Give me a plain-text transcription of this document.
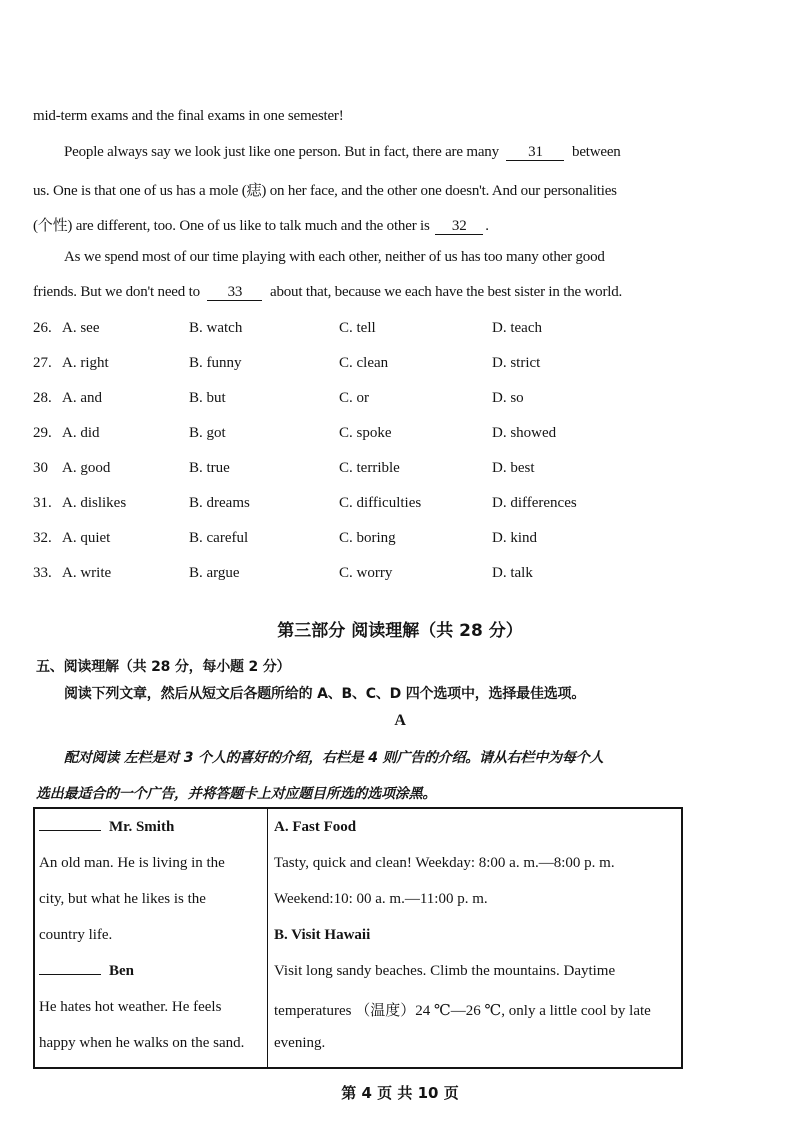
mid-term exams and the final exams in one semester!
People always say we look just like one person. But in fact, there are many 31 between
us. One is that one of us has a mole (痣) on her face, and the other one doesn't. And our personalities
(个性) are different, too. One of us like to talk much and the other is 32 .
As we spend most of our time playing with each other, neither of us has too many other good
friends. But we don't need to 33 about that, because we each have the best sister in the world.
26. A. see	B. watch	C. tell	D. teach
27. A. right	B. funny	C. clean	D. strict
28. A. and	B. but	C. or	D. so
29. A. did	B. got	C. spoke	D. showed
30 A. good	B. true	C. terrible	D. best
31. A. dislikes	B. dreams	C. difficulties	D. differences
32. A. quiet	B. careful	C. boring	D. kind
33. A. write	B. argue	C. worry	D. talk
第三部分 阅读理解（共 28 分）
五、阅读理解（共 28 分，每小题 2 分）
阅读下列文章，然后从短文后各题所给的 A、B、C、D 四个选项中，选择最佳选项。
A
配对阅读 左栏是对 3 个人的喜好的介绍，右栏是 4 则广告的介绍。请从右栏中为每个人
选出最适合的一个广告，并将答题卡上对应题目所选的选项涂黑。
Mr. Smith
An old man. He is living in the
city, but what he likes is the
country life.
Ben
He hates hot weather. He feels
happy when he walks on the sand.

A. Fast Food
Tasty, quick and clean! Weekday: 8:00 a. m.—8:00 p. m.
Weekend:10: 00 a. m.—11:00 p. m.
B. Visit Hawaii
Visit long sandy beaches. Climb the mountains. Daytime
temperatures （温度）24 ℃—26 ℃, only a little cool by late
evening.
第 4 页 共 10 页
